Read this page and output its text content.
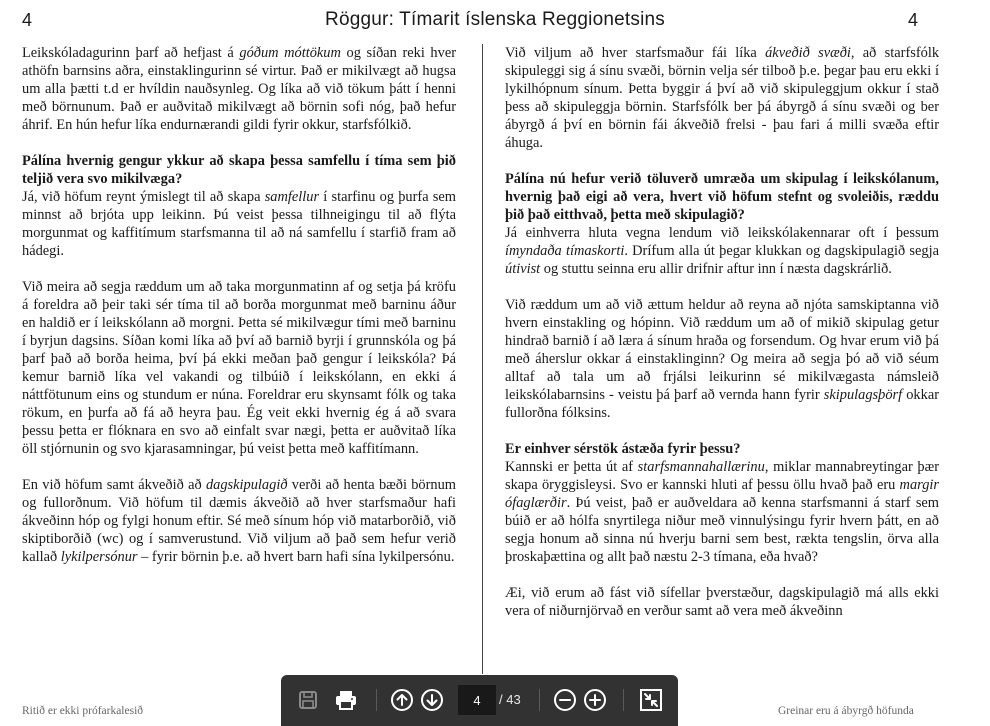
4	Röggur: Tímarit íslenska Reggionetsins	4

Leikskóladagurinn þarf að hefjast á góðum móttökum og síðan reki hver athöfn barnsins aðra, einstaklingurinn sé virtur. Það er mikilvægt að hugsa um alla þætti t.d er hvíldin nauðsynleg. Og líka að við tökum þátt í henni með börnunum. Það er auðvitað mikilvægt að börnin sofi nóg, það hefur áhrif. En hún hefur líka endurnærandi gildi fyrir okkur, starfsfólkið.

Pálína hvernig gengur ykkur að skapa þessa samfellu í tíma sem þið teljið vera svo mikilvæga?

Já, við höfum reynt ýmislegt til að skapa samfellur í starfinu og þurfa sem minnst að brjóta upp leikinn. Þú veist þessa tilhneigingu til að flýta morgunmat og kaffitímum starfsmanna til að ná samfellu í starfið fram að hádegi.

Við meira að segja ræddum um að taka morgunmatinn af og setja þá kröfu á foreldra að þeir taki sér tíma til að borða morgunmat með barninu áður en haldið er í leikskólann að morgni. Þetta sé mikilvægur tími með barninu í byrjun dagsins. Síðan komi líka að því að barnið byrji í grunnskóla og þá þarf það að borða heima, því þá ekki meðan það gengur í leikskóla? Þá kemur barnið líka vel vakandi og tilbúið í leikskólann, en ekki á náttfötunum eins og stundum er núna. Foreldrar eru skynsamt fólk og taka rökum, en þurfa að fá að heyra þau. Ég veit ekki hvernig ég á að svara þessu þetta er flóknara en svo að einfalt svar nægi, þetta er auðvitað líka öll stjórnunin og svo kjarasamningar, þú veist þetta með kaffitímann.

En við höfum samt ákveðið að dagskipulagið verði að henta bæði börnum og fullorðnum. Við höfum til dæmis ákveðið að hver starfsmaður hafi ákveðinn hóp og fylgi honum eftir. Sé með sínum hóp við matarborðið, við skiptiborðið (wc) og í samverustund. Við viljum að það sem hefur verið kallað lykilpersónur – fyrir börnin þ.e. að hvert barn hafi sína lykilpersónu.

Við viljum að hver starfsmaður fái líka ákveðið svæði, að starfsfólk skipuleggi sig á sínu svæði, börnin velja sér tilboð þ.e. þegar þau eru ekki í lykilhópnum sínum. Þetta byggir á því að við skipuleggjum okkur í stað þess að skipuleggja börnin. Starfsfólk ber þá ábyrgð á sínu svæði og ber ábyrgð á því en börnin fái ákveðið frelsi - þau fari á milli svæða eftir áhuga.

Pálína nú hefur verið töluverð umræða um skipulag í leikskólanum, hvernig það eigi að vera, hvert við höfum stefnt og svoleiðis, ræddu þið það eitthvað, þetta með skipulagið?

Já einhverra hluta vegna lendum við leikskólakennarar oft í þessum ímyndaða tímaskorti. Drífum alla út þegar klukkan og dagskipulagið segja útivist og stuttu seinna eru allir drifnir aftur inn í næsta dagskrárlið.

Við ræddum um að við ættum heldur að reyna að njóta samskiptanna við hvern einstakling og hópinn. Við ræddum um að of mikið skipulag getur hindrað barnið í að læra á sínum hraða og forsendum. Og hvar erum við þá með áherslur okkar á einstaklinginn? Og meira að segja þó að við séum alltaf að tala um að frjálsi leikurinn sé mikilvægasta námsleið leikskólabarnsins - veistu þá þarf að vernda hann fyrir skipulagsþörf okkar fullorðna fólksins.

Er einhver sérstök ástæða fyrir þessu?

Kannski er þetta út af starfsmannahallærinu, miklar mannabreytingar þær skapa öryggisleysi. Svo er kannski hluti af þessu öllu hvað það eru margir ófaglærðir. Þú veist, það er auðveldara að kenna starfsmanni á starf sem búið er að hólfa snyrtilega niður með vinnulýsingu fyrir hvern þátt, en að segja honum að sinna nú hverju barni sem best, rækta tengslin, örva alla þroskaþættina og allt það næstu 2-3 tímana, eða hvað?

Æi, við erum að fást við sífellar þverstæður, dagskipulagið má alls ekki vera of niðurnjörvað en verður samt að vera með ákveðinn

Ritið er ekki prófarkalesið	Greinar eru á ábyrgð höfunda
4	/ 43
